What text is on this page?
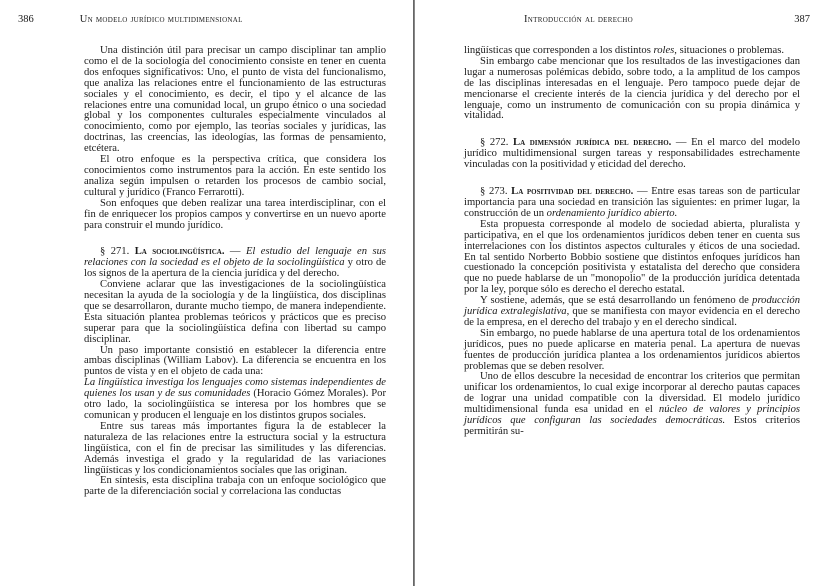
386	Un modelo jurídico multidimensional

Una distinción útil para precisar un campo disciplinar tan amplio como el de la sociología del conocimiento consiste en tener en cuenta dos enfoques significativos: Uno, el punto de vista del funcionalismo, que analiza las relaciones entre el funcionamiento de las estructuras sociales y el conocimiento, es decir, el tipo y el alcance de las relaciones entre una comunidad local, un grupo étnico o una sociedad global y los componentes culturales especialmente vinculados al conocimiento, como por ejemplo, las teorías sociales y jurídicas, las doctrinas, las creencias, las ideologías, las formas de pensamiento, etcétera.

El otro enfoque es la perspectiva crítica, que considera los conocimientos como instrumentos para la acción. En este sentido los analiza según impulsen o retarden los procesos de cambio social, cultural y jurídico (Franco Ferrarotti).

Son enfoques que deben realizar una tarea interdisciplinar, con el fin de enriquecer los propios campos y convertirse en un nuevo aporte para construir el mundo jurídico.

§ 271. La sociolingüística. — El estudio del lenguaje en sus relaciones con la sociedad es el objeto de la sociolingüística y otro de los signos de la apertura de la ciencia jurídica y del derecho.

Conviene aclarar que las investigaciones de la sociolingüística necesitan la ayuda de la sociología y de la lingüística, dos disciplinas que se desarrollaron, durante mucho tiempo, de manera independiente. Esta situación plantea problemas teóricos y prácticos que es preciso superar para que la sociolingüística defina con libertad su campo disciplinar.

Un paso importante consistió en establecer la diferencia entre ambas disciplinas (William Labov). La diferencia se encuentra en los puntos de vista y en el objeto de cada una:

La lingüística investiga los lenguajes como sistemas independientes de quienes los usan y de sus comunidades (Horacio Gómez Morales). Por otro lado, la sociolingüística se interesa por los hombres que se comunican y producen el lenguaje en los distintos grupos sociales.

Entre sus tareas más importantes figura la de establecer la naturaleza de las relaciones entre la estructura social y la estructura lingüística, con el fin de precisar las similitudes y las diferencias. Además investiga el grado y la regularidad de las variaciones lingüísticas y los condicionamientos sociales que las originan.

En síntesis, esta disciplina trabaja con un enfoque sociológico que parte de la diferenciación social y correlaciona las conductas

Introducción al derecho	387

lingüísticas que corresponden a los distintos roles, situaciones o problemas.

Sin embargo cabe mencionar que los resultados de las investigaciones dan lugar a numerosas polémicas debido, sobre todo, a la amplitud de los campos de las disciplinas interesadas en el lenguaje. Pero tampoco puede dejar de mencionarse el creciente interés de la ciencia jurídica y del derecho por el lenguaje, como un instrumento de comunicación con su propia dinámica y vitalidad.

§ 272. La dimensión jurídica del derecho. — En el marco del modelo jurídico multidimensional surgen tareas y responsabilidades estrechamente vinculadas con la positividad y eticidad del derecho.

§ 273. La positividad del derecho. — Entre esas tareas son de particular importancia para una sociedad en transición las siguientes: en primer lugar, la construcción de un ordenamiento jurídico abierto.

Esta propuesta corresponde al modelo de sociedad abierta, pluralista y participativa, en el que los ordenamientos jurídicos deben tener en cuenta sus interrelaciones con los distintos aspectos culturales y éticos de una sociedad. En tal sentido Norberto Bobbio sostiene que distintos enfoques jurídicos han cuestionado la concepción positivista y estatalista del derecho que considera que no puede hablarse de un "monopolio" de la producción jurídica detentada por la ley, porque sólo es derecho el derecho estatal.

Y sostiene, además, que se está desarrollando un fenómeno de producción jurídica extralegislativa, que se manifiesta con mayor evidencia en el derecho de la empresa, en el derecho del trabajo y en el derecho sindical.

Sin embargo, no puede hablarse de una apertura total de los ordenamientos jurídicos, pues no puede aplicarse en materia penal. La apertura de nuevas fuentes de producción jurídica plantea a los ordenamientos jurídicos abiertos problemas que se deben resolver.

Uno de ellos descubre la necesidad de encontrar los criterios que permitan unificar los ordenamientos, lo cual exige incorporar al derecho pautas capaces de lograr una unidad compatible con la diversidad. El modelo jurídico multidimensional funda esa unidad en el núcleo de valores y principios jurídicos que configuran las sociedades democráticas. Estos criterios permitirán su-
